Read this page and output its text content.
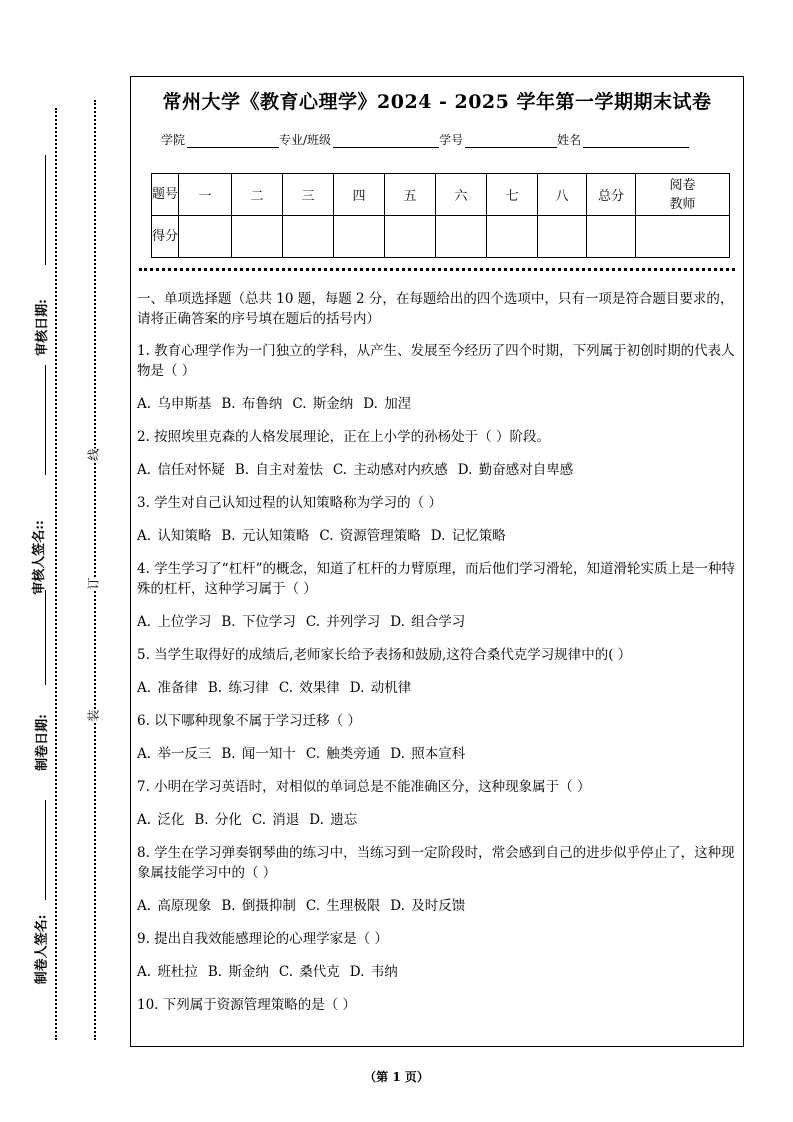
审核日期:
审核人签名::
制卷日期:
制卷人签名:
线
订
装
常州大学《教育心理学》2024 - 2025 学年第一学期期末试卷
学院	专业/班级	学号	姓名
题号	一	二	三	四	五	六	七	八	总分	阅卷教师
得分										

一、单项选择题（总共 10 题，每题 2 分，在每题给出的四个选项中，只有一项是符合题目要求的，请将正确答案的序号填在题后的括号内）

1. 教育心理学作为一门独立的学科，从产生、发展至今经历了四个时期，下列属于初创时期的代表人物是（ ）

A. 乌申斯基 B. 布鲁纳 C. 斯金纳 D. 加涅

2. 按照埃里克森的人格发展理论，正在上小学的孙杨处于（ ）阶段。

A. 信任对怀疑 B. 自主对羞怯 C. 主动感对内疚感 D. 勤奋感对自卑感

3. 学生对自己认知过程的认知策略称为学习的（ ）

A. 认知策略 B. 元认知策略 C. 资源管理策略 D. 记忆策略

4. 学生学习了“杠杆”的概念，知道了杠杆的力臂原理，而后他们学习滑轮，知道滑轮实质上是一种特殊的杠杆，这种学习属于（ ）

A. 上位学习 B. 下位学习 C. 并列学习 D. 组合学习

5. 当学生取得好的成绩后,老师家长给予表扬和鼓励,这符合桑代克学习规律中的( ）

A. 准备律 B. 练习律 C. 效果律 D. 动机律

6. 以下哪种现象不属于学习迁移（ ）

A. 举一反三 B. 闻一知十 C. 触类旁通 D. 照本宣科

7. 小明在学习英语时，对相似的单词总是不能准确区分，这种现象属于（ ）

A. 泛化 B. 分化 C. 消退 D. 遗忘

8. 学生在学习弹奏钢琴曲的练习中，当练习到一定阶段时，常会感到自己的进步似乎停止了，这种现象属技能学习中的（ ）

A. 高原现象 B. 倒摄抑制 C. 生理极限 D. 及时反馈

9. 提出自我效能感理论的心理学家是（ ）

A. 班杜拉 B. 斯金纳 C. 桑代克 D. 韦纳

10. 下列属于资源管理策略的是（ ）

（第 1 页）
